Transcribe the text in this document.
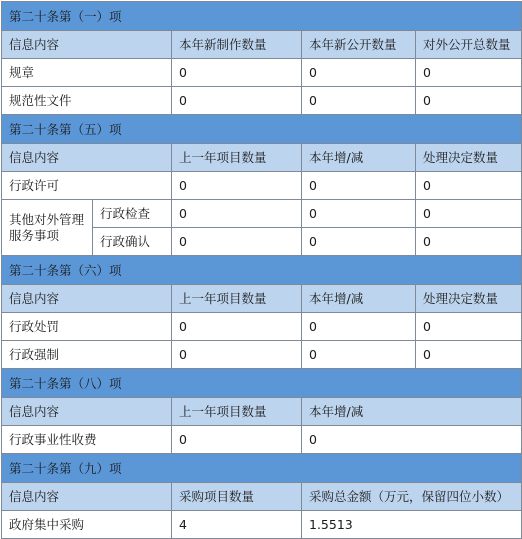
第二十条第（一）项				
信息内容		本年新制作数量	本年新公开数量	对外公开总数量
规章		0	0	0
规范性文件		0	0	0
第二十条第（五）项				
信息内容		上一年项目数量	本年增/减	处理决定数量
行政许可		0	0	0
其他对外管理服务事项	行政检查	0	0	0
	行政确认	0	0	0
第二十条第（六）项				
信息内容		上一年项目数量	本年增/减	处理决定数量
行政处罚		0	0	0
行政强制		0	0	0
第二十条第（八）项				
信息内容		上一年项目数量	本年增/减	
行政事业性收费		0	0	
第二十条第（九）项				
信息内容		采购项目数量	采购总金额（万元，保留四位小数）	
政府集中采购		4	1.5513	
